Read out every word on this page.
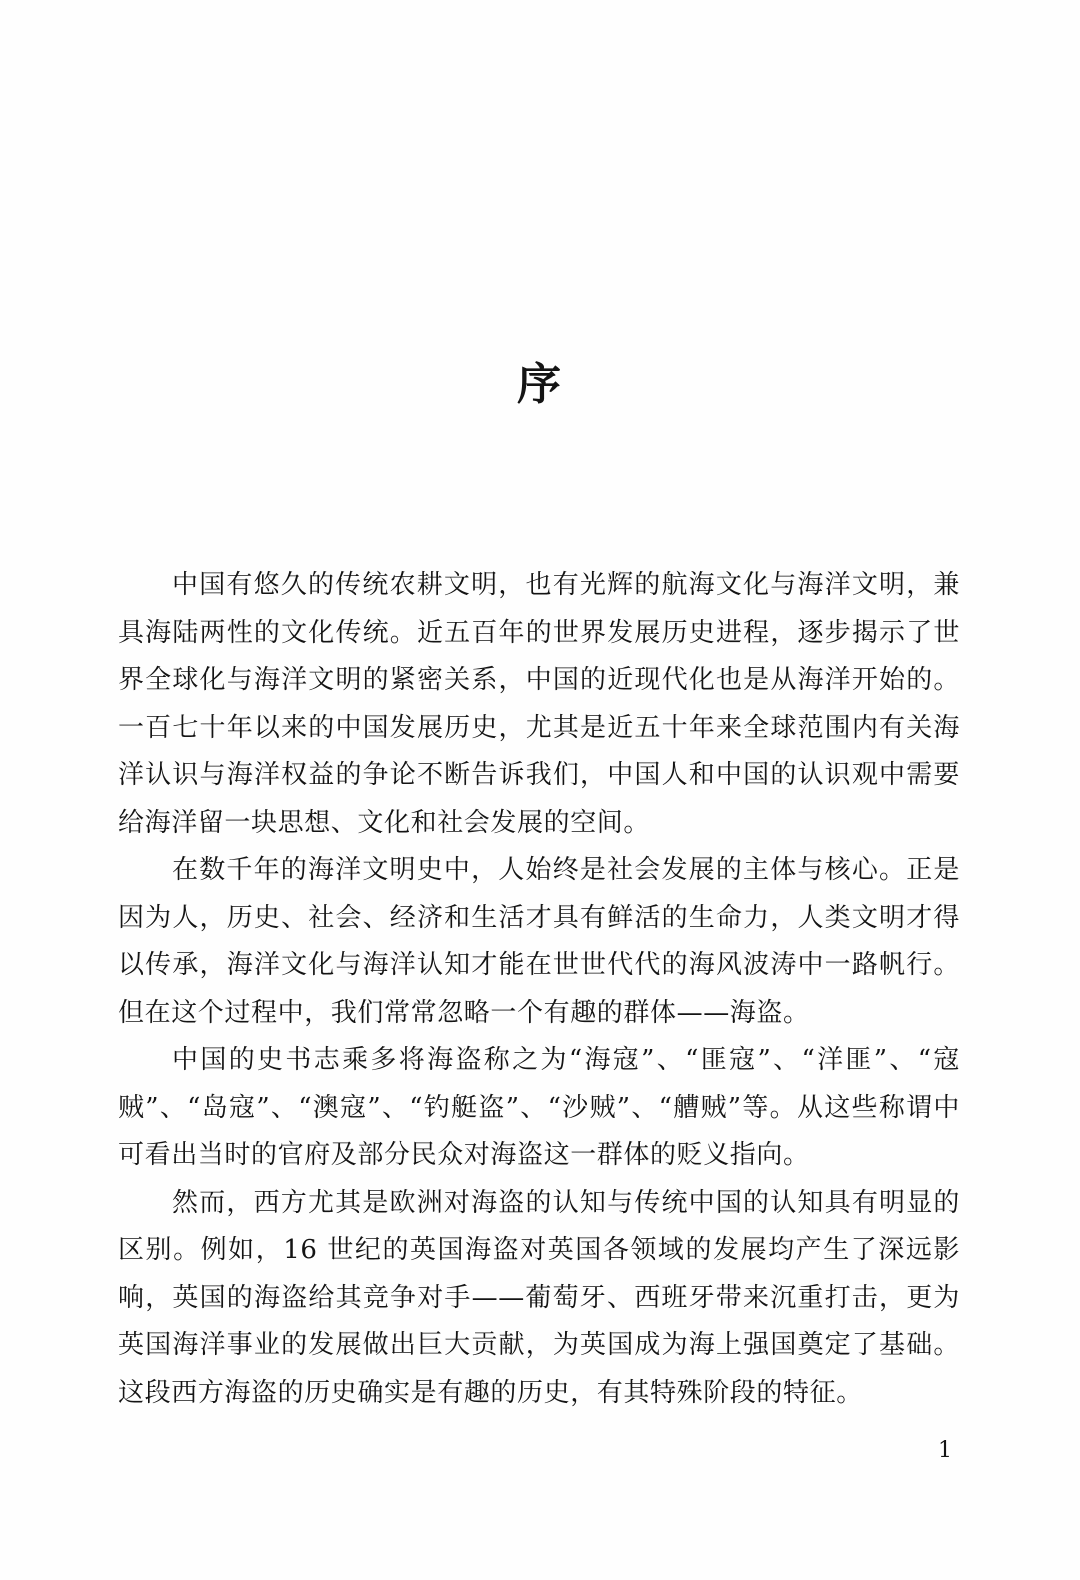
序

中国有悠久的传统农耕文明，也有光辉的航海文化与海洋文明，兼具海陆两性的文化传统。近五百年的世界发展历史进程，逐步揭示了世界全球化与海洋文明的紧密关系，中国的近现代化也是从海洋开始的。一百七十年以来的中国发展历史，尤其是近五十年来全球范围内有关海洋认识与海洋权益的争论不断告诉我们，中国人和中国的认识观中需要给海洋留一块思想、文化和社会发展的空间。

在数千年的海洋文明史中，人始终是社会发展的主体与核心。正是因为人，历史、社会、经济和生活才具有鲜活的生命力，人类文明才得以传承，海洋文化与海洋认知才能在世世代代的海风波涛中一路帆行。但在这个过程中，我们常常忽略一个有趣的群体——海盗。

中国的史书志乘多将海盗称之为“海寇”、“匪寇”、“洋匪”、“寇贼”、“岛寇”、“澳寇”、“钓艇盗”、“沙贼”、“艚贼”等。从这些称谓中可看出当时的官府及部分民众对海盗这一群体的贬义指向。

然而，西方尤其是欧洲对海盗的认知与传统中国的认知具有明显的区别。例如，16 世纪的英国海盗对英国各领域的发展均产生了深远影响，英国的海盗给其竞争对手——葡萄牙、西班牙带来沉重打击，更为英国海洋事业的发展做出巨大贡献，为英国成为海上强国奠定了基础。这段西方海盗的历史确实是有趣的历史，有其特殊阶段的特征。

1
